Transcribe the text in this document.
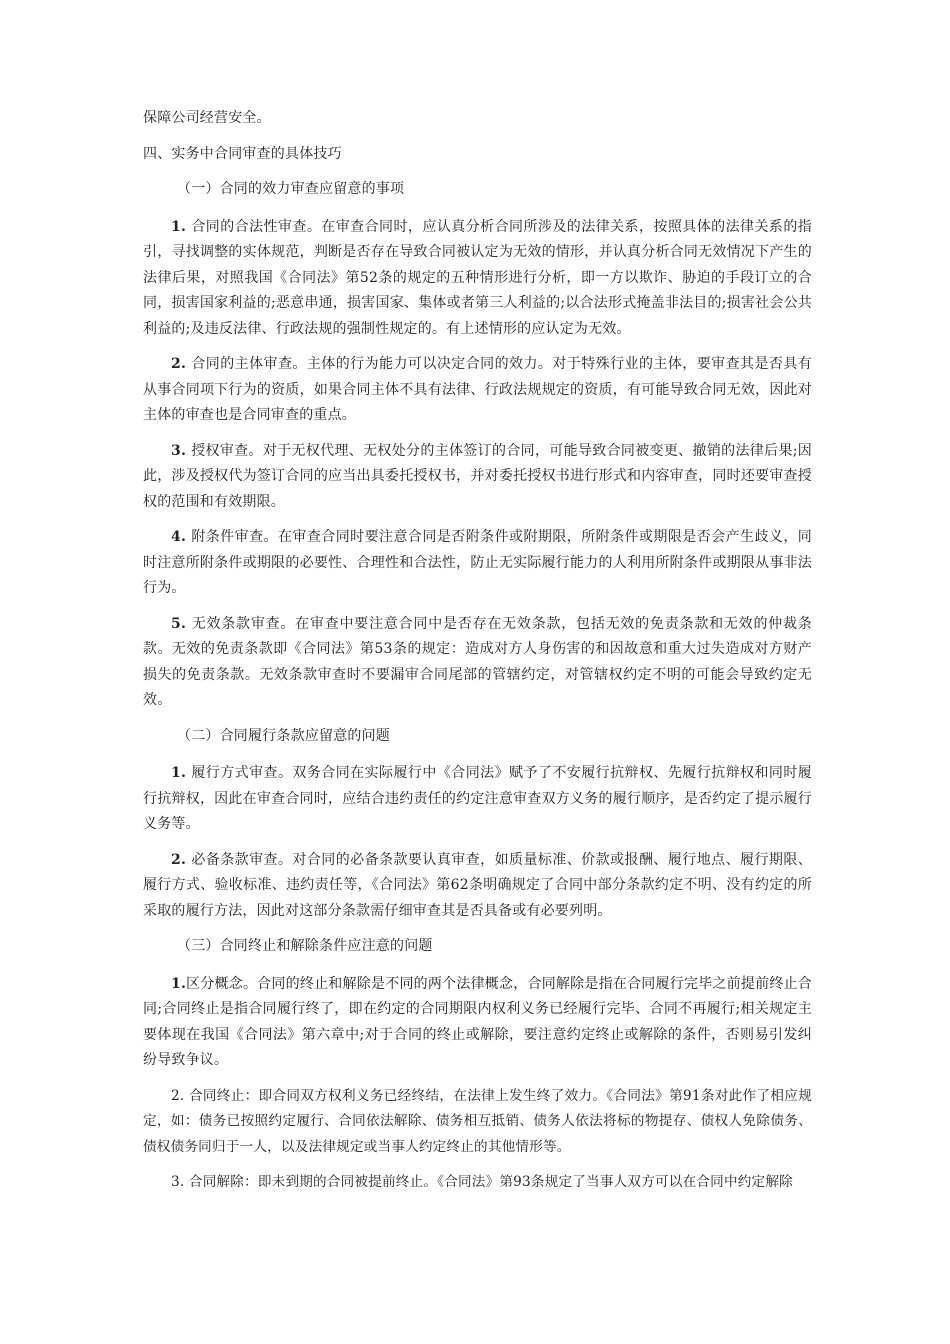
保障公司经营安全。

四、实务中合同审查的具体技巧

（一）合同的效力审查应留意的事项

1. 合同的合法性审查。在审查合同时，应认真分析合同所涉及的法律关系，按照具体的法律关系的指引，寻找调整的实体规范，判断是否存在导致合同被认定为无效的情形，并认真分析合同无效情况下产生的法律后果，对照我国《合同法》第52条的规定的五种情形进行分析，即一方以欺诈、胁迫的手段订立的合同，损害国家利益的;恶意串通，损害国家、集体或者第三人利益的;以合法形式掩盖非法目的;损害社会公共利益的;及违反法律、行政法规的强制性规定的。有上述情形的应认定为无效。

2. 合同的主体审查。主体的行为能力可以决定合同的效力。对于特殊行业的主体，要审查其是否具有从事合同项下行为的资质，如果合同主体不具有法律、行政法规规定的资质，有可能导致合同无效，因此对主体的审查也是合同审查的重点。

3. 授权审查。对于无权代理、无权处分的主体签订的合同，可能导致合同被变更、撤销的法律后果;因此，涉及授权代为签订合同的应当出具委托授权书，并对委托授权书进行形式和内容审查，同时还要审查授权的范围和有效期限。

4. 附条件审查。在审查合同时要注意合同是否附条件或附期限，所附条件或期限是否会产生歧义，同时注意所附条件或期限的必要性、合理性和合法性，防止无实际履行能力的人利用所附条件或期限从事非法行为。

5. 无效条款审查。在审查中要注意合同中是否存在无效条款，包括无效的免责条款和无效的仲裁条款。无效的免责条款即《合同法》第53条的规定：造成对方人身伤害的和因故意和重大过失造成对方财产损失的免责条款。无效条款审查时不要漏审合同尾部的管辖约定，对管辖权约定不明的可能会导致约定无效。

（二）合同履行条款应留意的问题

1. 履行方式审查。双务合同在实际履行中《合同法》赋予了不安履行抗辩权、先履行抗辩权和同时履行抗辩权，因此在审查合同时，应结合违约责任的约定注意审查双方义务的履行顺序，是否约定了提示履行义务等。

2. 必备条款审查。对合同的必备条款要认真审查，如质量标准、价款或报酬、履行地点、履行期限、履行方式、验收标准、违约责任等，《合同法》第62条明确规定了合同中部分条款约定不明、没有约定的所采取的履行方法，因此对这部分条款需仔细审查其是否具备或有必要列明。

（三）合同终止和解除条件应注意的问题

1.区分概念。合同的终止和解除是不同的两个法律概念，合同解除是指在合同履行完毕之前提前终止合同;合同终止是指合同履行终了，即在约定的合同期限内权利义务已经履行完毕、合同不再履行;相关规定主要体现在我国《合同法》第六章中;对于合同的终止或解除，要注意约定终止或解除的条件，否则易引发纠纷导致争议。

2. 合同终止：即合同双方权利义务已经终结，在法律上发生终了效力。《合同法》第91条对此作了相应规定，如：债务已按照约定履行、合同依法解除、债务相互抵销、债务人依法将标的物提存、债权人免除债务、债权债务同归于一人，以及法律规定或当事人约定终止的其他情形等。

3. 合同解除：即未到期的合同被提前终止。《合同法》第93条规定了当事人双方可以在合同中约定解除
